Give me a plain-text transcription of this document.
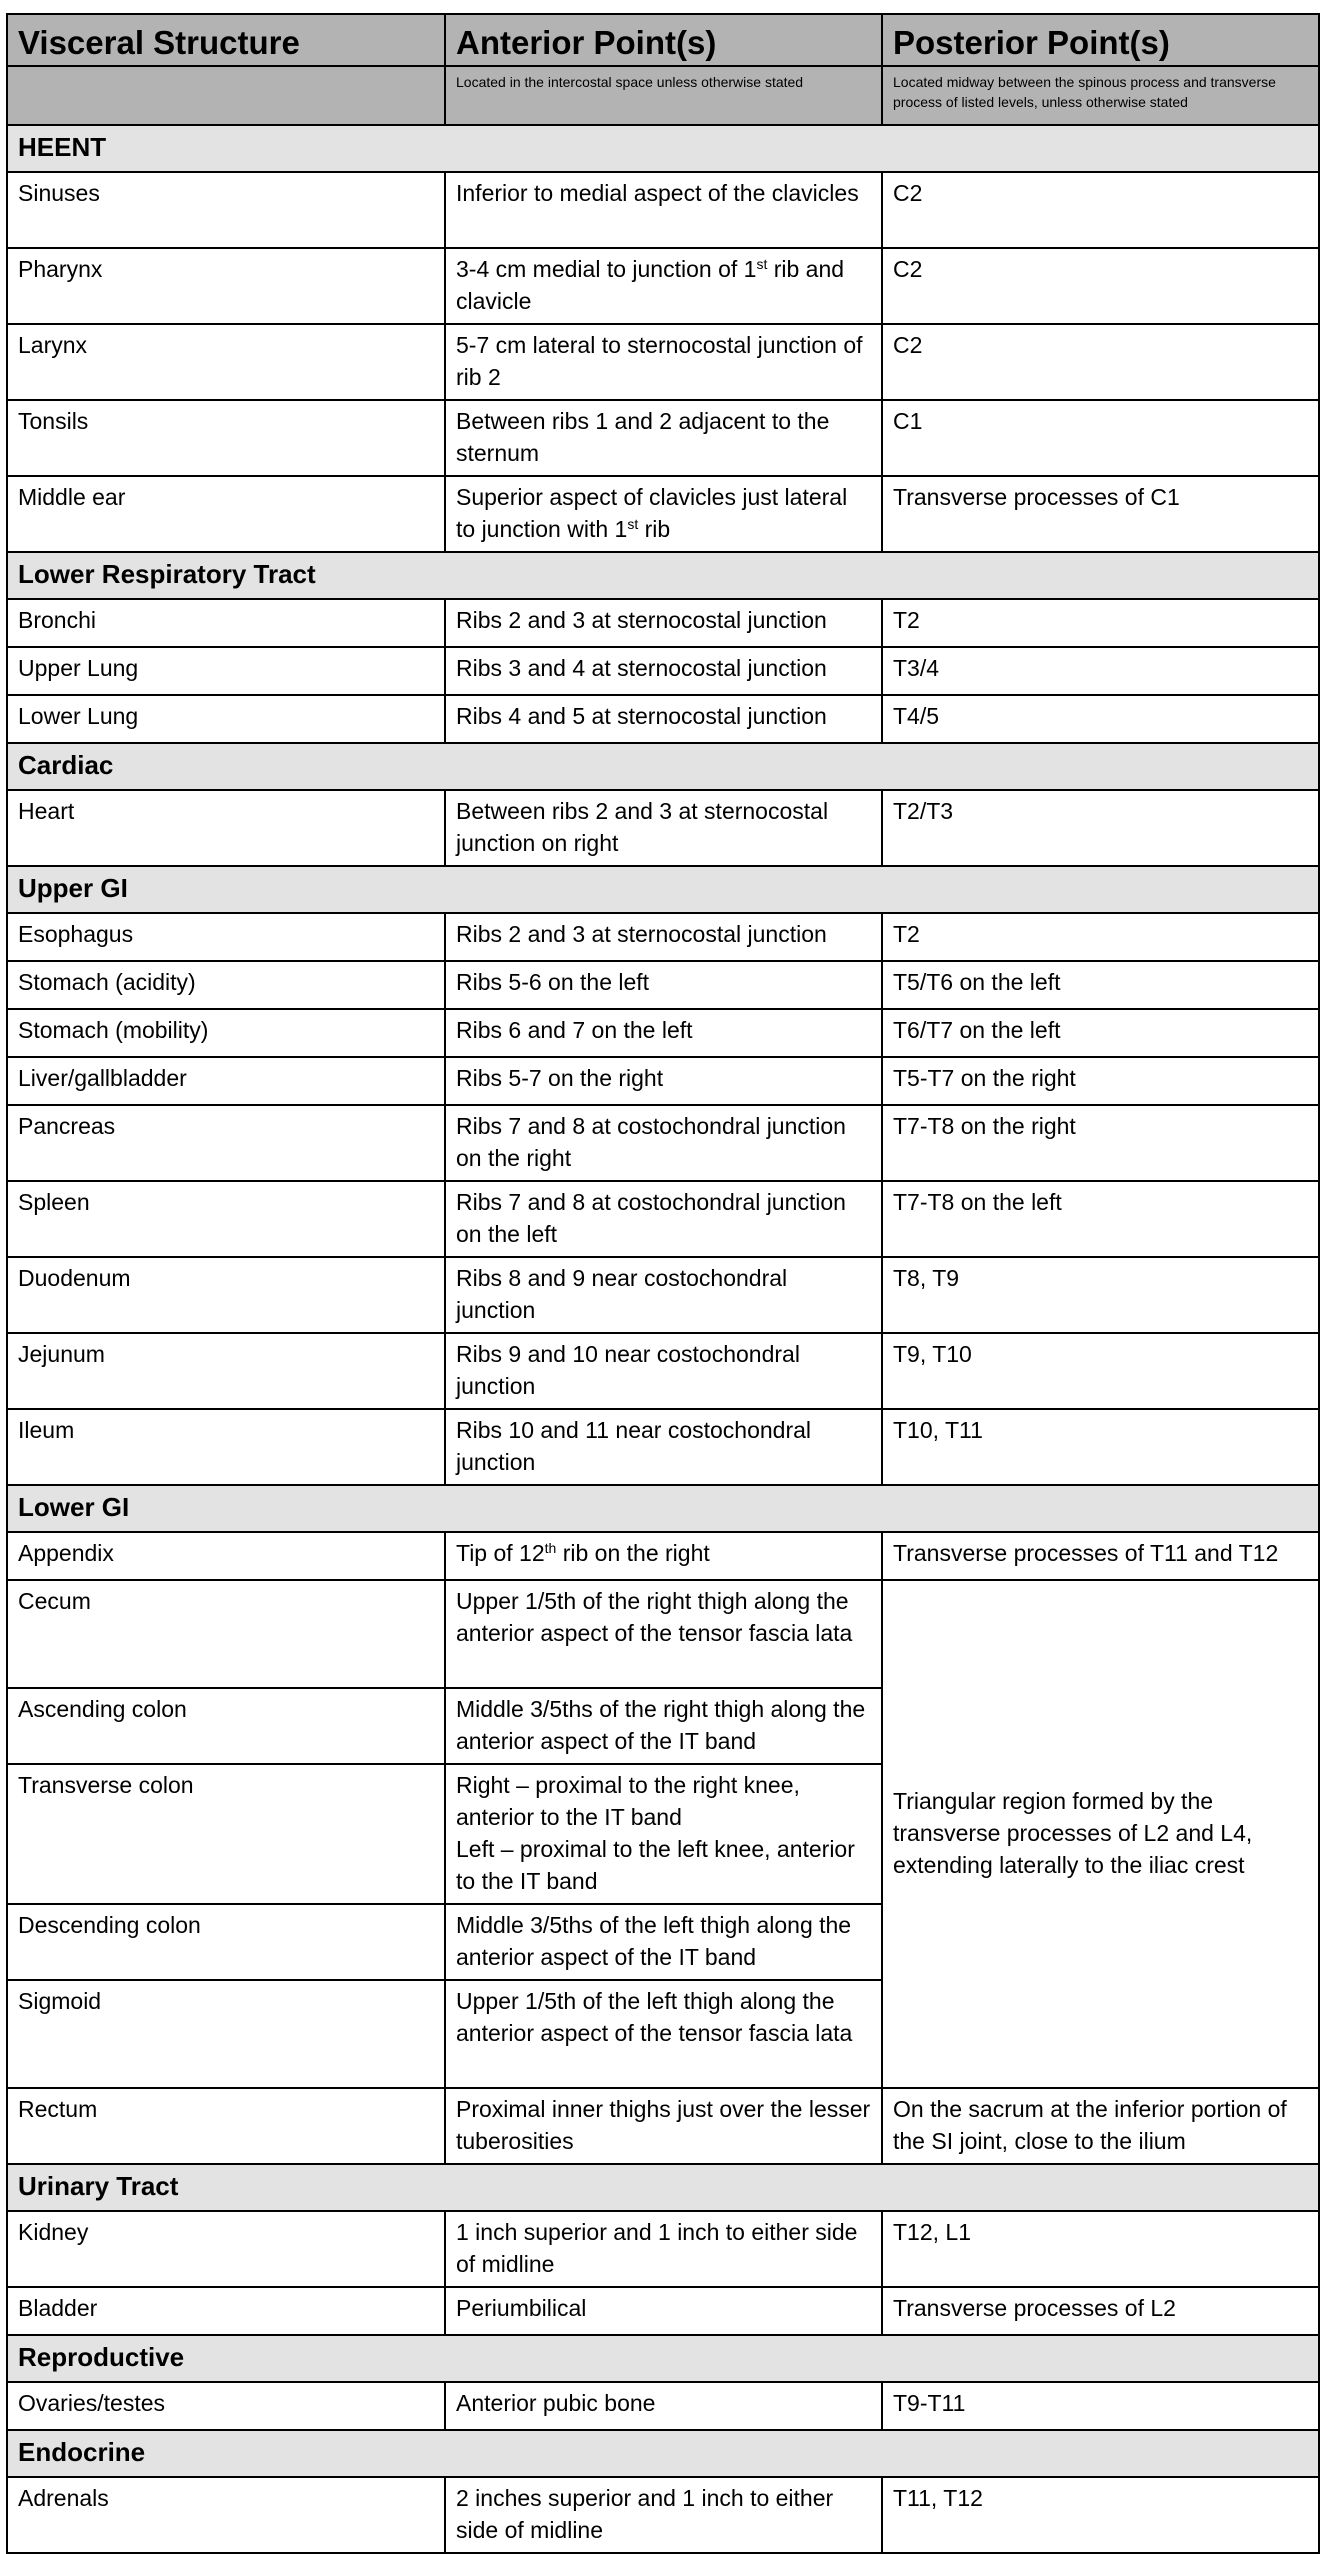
Visceral Structure	Anterior Point(s)	Posterior Point(s)
	Located in the intercostal space unless otherwise stated	Located midway between the spinous process and transverse process of listed levels, unless otherwise stated
HEENT		
Sinuses	Inferior to medial aspect of the clavicles	C2
Pharynx	3-4 cm medial to junction of 1st rib and clavicle	C2
Larynx	5-7 cm lateral to sternocostal junction of rib 2	C2
Tonsils	Between ribs 1 and 2 adjacent to the sternum	C1
Middle ear	Superior aspect of clavicles just lateral to junction with 1st rib	Transverse processes of C1
Lower Respiratory Tract		
Bronchi	Ribs 2 and 3 at sternocostal junction	T2
Upper Lung	Ribs 3 and 4 at sternocostal junction	T3/4
Lower Lung	Ribs 4 and 5 at sternocostal junction	T4/5
Cardiac		
Heart	Between ribs 2 and 3 at sternocostal junction on right	T2/T3
Upper GI		
Esophagus	Ribs 2 and 3 at sternocostal junction	T2
Stomach (acidity)	Ribs 5-6 on the left	T5/T6 on the left
Stomach (mobility)	Ribs 6 and 7 on the left	T6/T7 on the left
Liver/gallbladder	Ribs 5-7 on the right	T5-T7 on the right
Pancreas	Ribs 7 and 8 at costochondral junction on the right	T7-T8 on the right
Spleen	Ribs 7 and 8 at costochondral junction on the left	T7-T8 on the left
Duodenum	Ribs 8 and 9 near costochondral junction	T8, T9
Jejunum	Ribs 9 and 10 near costochondral junction	T9, T10
Ileum	Ribs 10 and 11 near costochondral junction	T10, T11
Lower GI		
Appendix	Tip of 12th rib on the right	Transverse processes of T11 and T12
Cecum	Upper 1/5th of the right thigh along the anterior aspect of the tensor fascia lata	Triangular region formed by the transverse processes of L2 and L4, extending laterally to the iliac crest
Ascending colon	Middle 3/5ths of the right thigh along the anterior aspect of the IT band	
Transverse colon	Right – proximal to the right knee, anterior to the IT band
Left – proximal to the left knee, anterior to the IT band	

Descending colon	Middle 3/5ths of the left thigh along the anterior aspect of the IT band	
Sigmoid	Upper 1/5th of the left thigh along the anterior aspect of the tensor fascia lata	
Rectum	Proximal inner thighs just over the lesser tuberosities	On the sacrum at the inferior portion of the SI joint, close to the ilium
Urinary Tract		
Kidney	1 inch superior and 1 inch to either side of midline	T12, L1
Bladder	Periumbilical	Transverse processes of L2
Reproductive		
Ovaries/testes	Anterior pubic bone	T9-T11
Endocrine		
Adrenals	2 inches superior and 1 inch to either side of midline	T11, T12
